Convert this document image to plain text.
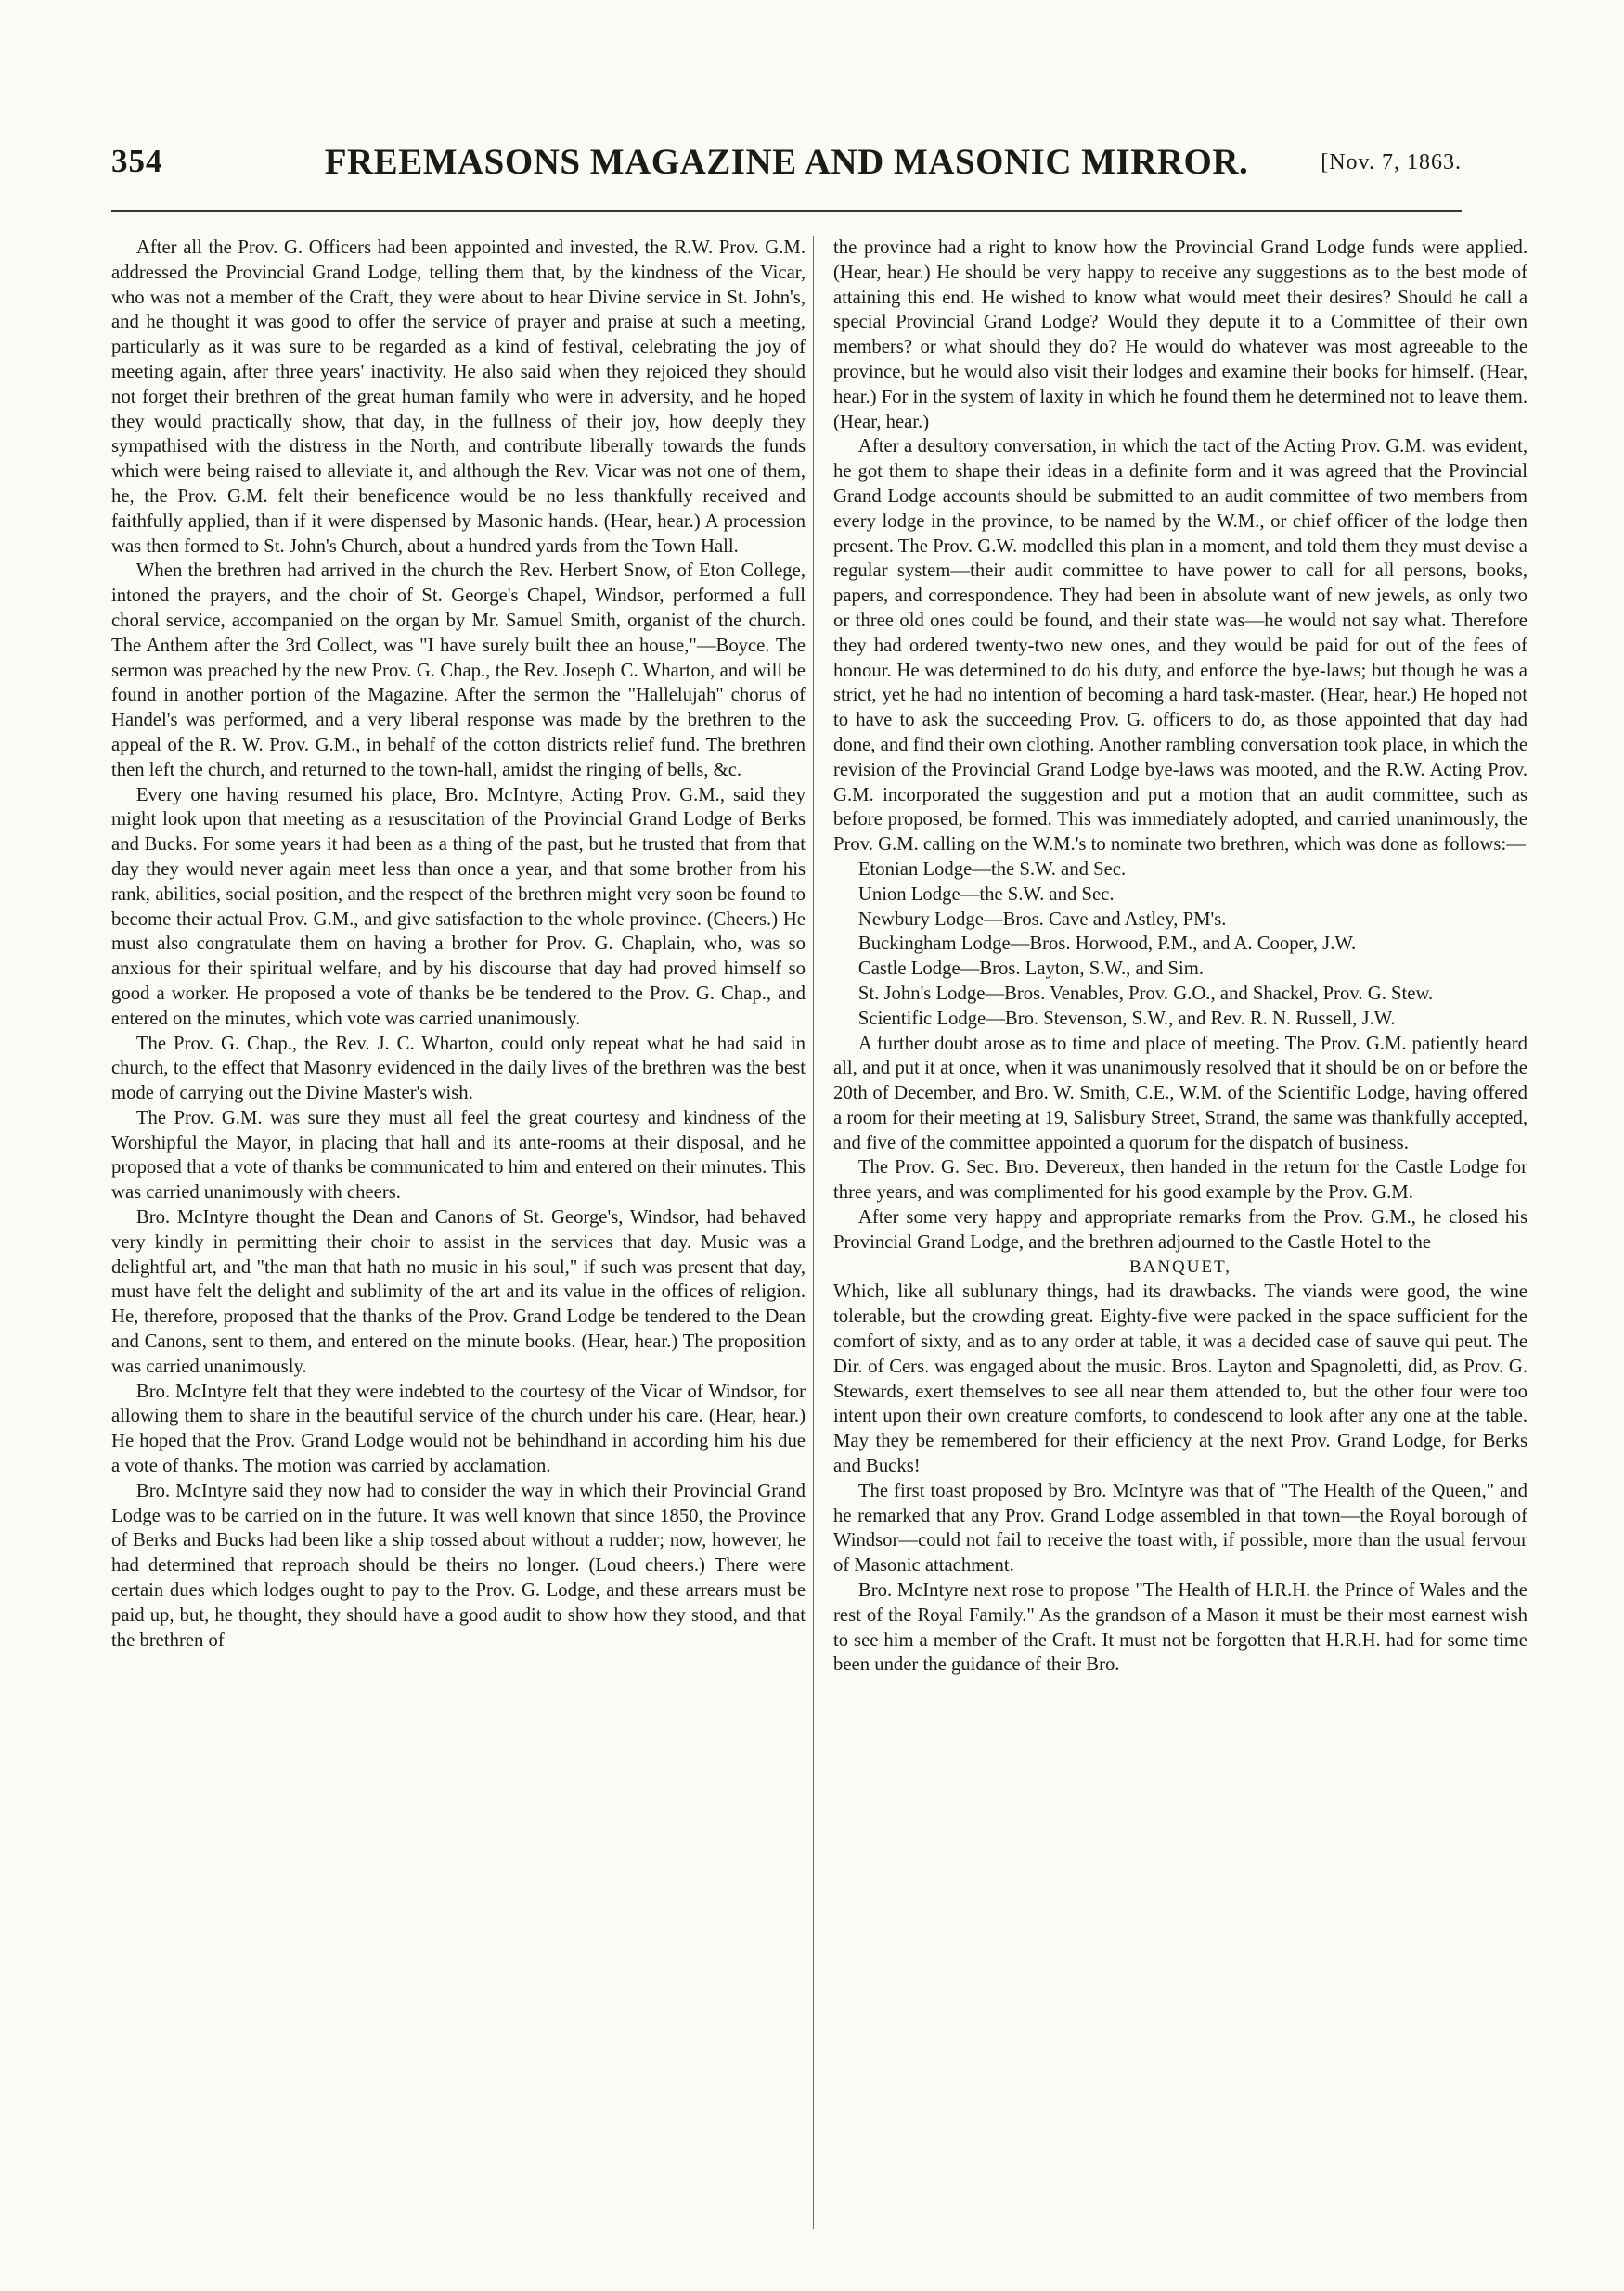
354	FREEMASONS MAGAZINE AND MASONIC MIRROR.	[Nov. 7, 1863.

After all the Prov. G. Officers had been appointed and invested, the R.W. Prov. G.M. addressed the Provincial Grand Lodge, telling them that, by the kindness of the Vicar, who was not a member of the Craft, they were about to hear Divine service in St. John's, and he thought it was good to offer the service of prayer and praise at such a meeting, particularly as it was sure to be regarded as a kind of festival, celebrating the joy of meeting again, after three years' inactivity. He also said when they rejoiced they should not forget their brethren of the great human family who were in adversity, and he hoped they would practically show, that day, in the fullness of their joy, how deeply they sympathised with the distress in the North, and contribute liberally towards the funds which were being raised to alleviate it, and although the Rev. Vicar was not one of them, he, the Prov. G.M. felt their beneficence would be no less thankfully received and faithfully applied, than if it were dispensed by Masonic hands. (Hear, hear.) A procession was then formed to St. John's Church, about a hundred yards from the Town Hall.

When the brethren had arrived in the church the Rev. Herbert Snow, of Eton College, intoned the prayers, and the choir of St. George's Chapel, Windsor, performed a full choral service, accompanied on the organ by Mr. Samuel Smith, organist of the church. The Anthem after the 3rd Collect, was "I have surely built thee an house,"—Boyce. The sermon was preached by the new Prov. G. Chap., the Rev. Joseph C. Wharton, and will be found in another portion of the Magazine. After the sermon the "Hallelujah" chorus of Handel's was performed, and a very liberal response was made by the brethren to the appeal of the R. W. Prov. G.M., in behalf of the cotton districts relief fund. The brethren then left the church, and returned to the town-hall, amidst the ringing of bells, &c.

Every one having resumed his place, Bro. McIntyre, Acting Prov. G.M., said they might look upon that meeting as a resuscitation of the Provincial Grand Lodge of Berks and Bucks. For some years it had been as a thing of the past, but he trusted that from that day they would never again meet less than once a year, and that some brother from his rank, abilities, social position, and the respect of the brethren might very soon be found to become their actual Prov. G.M., and give satisfaction to the whole province. (Cheers.) He must also congratulate them on having a brother for Prov. G. Chaplain, who, was so anxious for their spiritual welfare, and by his discourse that day had proved himself so good a worker. He proposed a vote of thanks be be tendered to the Prov. G. Chap., and entered on the minutes, which vote was carried unanimously.

The Prov. G. Chap., the Rev. J. C. Wharton, could only repeat what he had said in church, to the effect that Masonry evidenced in the daily lives of the brethren was the best mode of carrying out the Divine Master's wish.

The Prov. G.M. was sure they must all feel the great courtesy and kindness of the Worshipful the Mayor, in placing that hall and its ante-rooms at their disposal, and he proposed that a vote of thanks be communicated to him and entered on their minutes. This was carried unanimously with cheers.

Bro. McIntyre thought the Dean and Canons of St. George's, Windsor, had behaved very kindly in permitting their choir to assist in the services that day. Music was a delightful art, and "the man that hath no music in his soul," if such was present that day, must have felt the delight and sublimity of the art and its value in the offices of religion. He, therefore, proposed that the thanks of the Prov. Grand Lodge be tendered to the Dean and Canons, sent to them, and entered on the minute books. (Hear, hear.) The proposition was carried unanimously.

Bro. McIntyre felt that they were indebted to the courtesy of the Vicar of Windsor, for allowing them to share in the beautiful service of the church under his care. (Hear, hear.) He hoped that the Prov. Grand Lodge would not be behindhand in according him his due a vote of thanks. The motion was carried by acclamation.

Bro. McIntyre said they now had to consider the way in which their Provincial Grand Lodge was to be carried on in the future. It was well known that since 1850, the Province of Berks and Bucks had been like a ship tossed about without a rudder; now, however, he had determined that reproach should be theirs no longer. (Loud cheers.) There were certain dues which lodges ought to pay to the Prov. G. Lodge, and these arrears must be paid up, but, he thought, they should have a good audit to show how they stood, and that the brethren of

the province had a right to know how the Provincial Grand Lodge funds were applied. (Hear, hear.) He should be very happy to receive any suggestions as to the best mode of attaining this end. He wished to know what would meet their desires? Should he call a special Provincial Grand Lodge? Would they depute it to a Committee of their own members? or what should they do? He would do whatever was most agreeable to the province, but he would also visit their lodges and examine their books for himself. (Hear, hear.) For in the system of laxity in which he found them he determined not to leave them. (Hear, hear.)

After a desultory conversation, in which the tact of the Acting Prov. G.M. was evident, he got them to shape their ideas in a definite form and it was agreed that the Provincial Grand Lodge accounts should be submitted to an audit committee of two members from every lodge in the province, to be named by the W.M., or chief officer of the lodge then present. The Prov. G.W. modelled this plan in a moment, and told them they must devise a regular system—their audit committee to have power to call for all persons, books, papers, and correspondence. They had been in absolute want of new jewels, as only two or three old ones could be found, and their state was—he would not say what. Therefore they had ordered twenty-two new ones, and they would be paid for out of the fees of honour. He was determined to do his duty, and enforce the bye-laws; but though he was a strict, yet he had no intention of becoming a hard task-master. (Hear, hear.) He hoped not to have to ask the succeeding Prov. G. officers to do, as those appointed that day had done, and find their own clothing. Another rambling conversation took place, in which the revision of the Provincial Grand Lodge bye-laws was mooted, and the R.W. Acting Prov. G.M. incorporated the suggestion and put a motion that an audit committee, such as before proposed, be formed. This was immediately adopted, and carried unanimously, the Prov. G.M. calling on the W.M.'s to nominate two brethren, which was done as follows:—

Etonian Lodge—the S.W. and Sec.

Union Lodge—the S.W. and Sec.

Newbury Lodge—Bros. Cave and Astley, PM's.

Buckingham Lodge—Bros. Horwood, P.M., and A. Cooper, J.W.

Castle Lodge—Bros. Layton, S.W., and Sim.

St. John's Lodge—Bros. Venables, Prov. G.O., and Shackel, Prov. G. Stew.

Scientific Lodge—Bro. Stevenson, S.W., and Rev. R. N. Russell, J.W.

A further doubt arose as to time and place of meeting. The Prov. G.M. patiently heard all, and put it at once, when it was unanimously resolved that it should be on or before the 20th of December, and Bro. W. Smith, C.E., W.M. of the Scientific Lodge, having offered a room for their meeting at 19, Salisbury Street, Strand, the same was thankfully accepted, and five of the committee appointed a quorum for the dispatch of business.

The Prov. G. Sec. Bro. Devereux, then handed in the return for the Castle Lodge for three years, and was complimented for his good example by the Prov. G.M.

After some very happy and appropriate remarks from the Prov. G.M., he closed his Provincial Grand Lodge, and the brethren adjourned to the Castle Hotel to the

BANQUET,

Which, like all sublunary things, had its drawbacks. The viands were good, the wine tolerable, but the crowding great. Eighty-five were packed in the space sufficient for the comfort of sixty, and as to any order at table, it was a decided case of sauve qui peut. The Dir. of Cers. was engaged about the music. Bros. Layton and Spagnoletti, did, as Prov. G. Stewards, exert themselves to see all near them attended to, but the other four were too intent upon their own creature comforts, to condescend to look after any one at the table. May they be remembered for their efficiency at the next Prov. Grand Lodge, for Berks and Bucks!

The first toast proposed by Bro. McIntyre was that of "The Health of the Queen," and he remarked that any Prov. Grand Lodge assembled in that town—the Royal borough of Windsor—could not fail to receive the toast with, if possible, more than the usual fervour of Masonic attachment.

Bro. McIntyre next rose to propose "The Health of H.R.H. the Prince of Wales and the rest of the Royal Family." As the grandson of a Mason it must be their most earnest wish to see him a member of the Craft. It must not be forgotten that H.R.H. had for some time been under the guidance of their Bro.
